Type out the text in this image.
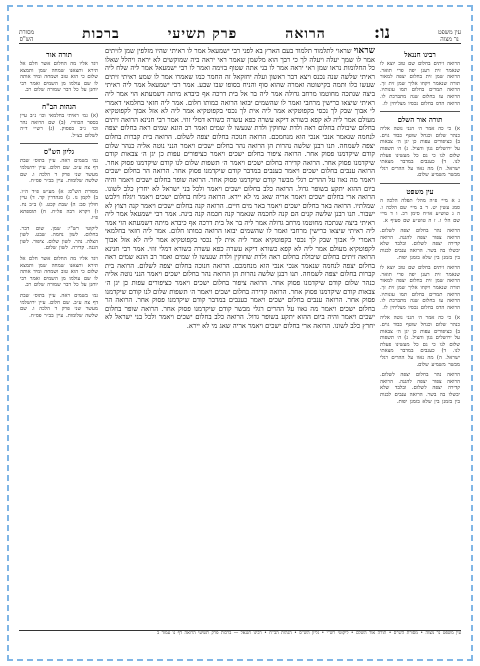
מסורת
הש"ס	ברכות	פרק תשיעי	הרואה	נו:	עין משפט
נר מצוה
רבינו חננאל
הרואה זיתים בחלום שם טוב יוצא לו שנאמר זית רענן יפה פרי תואר. הרואה שמן זית בחלום יצפה למאור תורה שנאמר ויקחו אליך שמן זית זך. הרואה תמרים בחלום תמו עונותיו. הרואה עז בחלום שנה מתברכת לו. הרואה הדס בחלום נכסיו מצליחין לו.
תורה אור השלם
א) כי כה אמר ה׳ הנני נוטה אליה כנהר שלום וכנחל שוטף כבוד גוים. ב) כציפורים עפות כן יגן ה׳ צבאות על ירושלים גנון והציל. ג) ה׳ תשפות שלום לנו כי גם כל מעשינו פעלת לנו. ד) כענבים במדבר מצאתי ישראל. ה) מה נאוו על ההרים רגלי מבשר משמיע שלום.
עין משפט
ג א מיי׳ פ״ה מהל׳ תפלה הלכה ה סמג עשין יט. ד ב מיי׳ שם הלכה ו. ה ג טוש״ע או״ח סימן רכ. ו ד מיי׳ שם הל׳ ז. ז ה טוש״ע שם סעיף א.
הרואה נהר בחלום יצפה לשלום. הרואה צפור יצפה להגנה. הרואה קדירה יצפה לשלום. ובלבד שלא יבשלו בה בשר. הרואה ענבים לבנות בין בזמנן בין שלא בזמנן יפות.
הרואה זיתים בחלום שם טוב יוצא לו שנאמר זית רענן יפה פרי תואר. הרואה שמן זית בחלום יצפה למאור תורה שנאמר ויקחו אליך שמן זית זך. הרואה תמרים בחלום תמו עונותיו. הרואה עז בחלום שנה מתברכת לו. הרואה הדס בחלום נכסיו מצליחין לו.
א) כי כה אמר ה׳ הנני נוטה אליה כנהר שלום וכנחל שוטף כבוד גוים. ב) כציפורים עפות כן יגן ה׳ צבאות על ירושלים גנון והציל. ג) ה׳ תשפות שלום לנו כי גם כל מעשינו פעלת לנו. ד) כענבים במדבר מצאתי ישראל. ה) מה נאוו על ההרים רגלי מבשר משמיע שלום.
הרואה נהר בחלום יצפה לשלום. הרואה צפור יצפה להגנה. הרואה קדירה יצפה לשלום. ובלבד שלא יבשלו בה בשר. הרואה ענבים לבנות בין בזמנן בין שלא בזמנן יפות.
שראוי שראוי לתלמוד תלמוד בעם הארץ בא לפני רבי ישמעאל אמר לו ראיתי שהיו מזלפין שמן לזיתים אמר לו שמך יעלה ויעלה לך כי רבך הוא מלשמן שאמר ראי יראה ביה שמוקשים לא יראה ויהלל שאלו כל החלומות נראו שמן ראי יראה אמר לו בני אתה שטוף בזימה ואמר לו רבי ישמעאל אמר ליה שלח ליה ראיתי שלשה שנה נכנס ויצא דבר ראשון ועלה יחזקאל זה החמר כמו שאמרו אמר לו שמע ראיתי זיתים שעשו כלו ותמה בקישוטה ואמרה שהוא סוף והניח בסופו שבו שבע. אמר רבי ישמעאל אמר ליה ראיתי ביצה שנתכה מחוטמו מרחב גדולה אמר ליה בר אל בית דרכה אף כיבדא מיתה דשמעתא הוי אמר ליה ראיתי שיצאו כרישין מרחבי ואמר לו שהשמים יבואו הרואה כמותו חלום. אמר ליה חזאי בחלמאי דאמרי לי אבוך שבק לך נכסי בקפוטקיא אמר ליה אית לך נכסי בקפוטקיא אמר ליה לא אזל אבוך לקפוטקיא מעולם אמר ליה לא קפא כשורא דיקא עשרה כפא עשרה כשורא דמלי זוזי. אמר רבי חנינא הרואה זיתים בחלום שיבולת בחלום ראה ולדת שחוקין ולדת שנעשו לו שמים ואמר רב הונא שמים ראה בחלום יצפה לנחמה שנאמר אנכי אנכי הוא מנחמכם. הרואה חנוכה בחלום יצפה לשלום. הרואה בית קברות בחלום יצפה לשמחה. תנו רבנן שלשה נהרות הן הרואה נהר בחלום ישכים ויאמר הנני נוטה אליה כנהר שלום קודם שיקדמנו פסוק אחר. הרואה ציפור בחלום ישכים ויאמר כציפורים עפות כן יגן ה׳ צבאות קודם שיקדמנו פסוק אחר. הרואה קדירה בחלום ישכים ויאמר ה׳ תשפות שלום לנו קודם שיקדמנו פסוק אחר. הרואה ענבים בחלום ישכים ויאמר כענבים במדבר קודם שיקדמנו פסוק אחר. הרואה הר בחלום ישכים ויאמר מה נאוו על ההרים רגלי מבשר קודם שיקדמנו פסוק אחר. הרואה שופר בחלום ישכים ויאמר והיה ביום ההוא יתקע בשופר גדול. הרואה כלב בחלום ישכים ויאמר ולכל בני ישראל לא יחרץ כלב לשונו. הרואה ארי בחלום ישכים ויאמר אריה שאג מי לא יירא. הרואה גילוח בחלום ישכים ויאמר ויגלח וילבש שמלתיו. הרואה באר בחלום ישכים ויאמר באר מים חיים. הרואה קנה בחלום ישכים ויאמר קנה רצוץ לא ישבור. תנו רבנן שלשה קנים הם קנה לחכמה שנאמר קנה חכמה קנה בינה. אמר רבי ישמעאל אמר ליה ראיתי ביצה שנתכה מחוטמו מרחב גדולה אמר ליה בר אל בית דרכה אף כיבדא מיתה דשמעתא הוי אמר ליה ראיתי שיצאו כרישין מרחבי ואמר לו שהשמים יבואו הרואה כמותו חלום. אמר ליה חזאי בחלמאי דאמרי לי אבוך שבק לך נכסי בקפוטקיא אמר ליה אית לך נכסי בקפוטקיא אמר ליה לא אזל אבוך לקפוטקיא מעולם אמר ליה לא קפא כשורא דיקא עשרה כפא עשרה כשורא דמלי זוזי. אמר רבי חנינא הרואה זיתים בחלום שיבולת בחלום ראה ולדת שחוקין ולדת שנעשו לו שמים ואמר רב הונא שמים ראה בחלום יצפה לנחמה שנאמר אנכי אנכי הוא מנחמכם. הרואה חנוכה בחלום יצפה לשלום. הרואה בית קברות בחלום יצפה לשמחה. תנו רבנן שלשה נהרות הן הרואה נהר בחלום ישכים ויאמר הנני נוטה אליה כנהר שלום קודם שיקדמנו פסוק אחר. הרואה ציפור בחלום ישכים ויאמר כציפורים עפות כן יגן ה׳ צבאות קודם שיקדמנו פסוק אחר. הרואה קדירה בחלום ישכים ויאמר ה׳ תשפות שלום לנו קודם שיקדמנו פסוק אחר. הרואה ענבים בחלום ישכים ויאמר כענבים במדבר קודם שיקדמנו פסוק אחר. הרואה הר בחלום ישכים ויאמר מה נאוו על ההרים רגלי מבשר קודם שיקדמנו פסוק אחר. הרואה שופר בחלום ישכים ויאמר והיה ביום ההוא יתקע בשופר גדול. הרואה כלב בחלום ישכים ויאמר ולכל בני ישראל לא יחרץ כלב לשונו. הרואה ארי בחלום ישכים ויאמר אריה שאג מי לא יירא.
תורה אור
ויגד אליו מה החלום אשר חלם אל תירא ותצאנו שמחה שמן ותמצא שלום כי הוא טוב ושמחה ומיד אותה לו שם עולמו מן השמים ואמר רבי יוחנן על כל דבר שמורה שלום רב.
הגהות הב"ח
(א) גמ׳ ראיתי בחלמאי וכו׳ נ״ב עיין בספר הכוזרי. (ב) שם הרואה נהר וכו׳ נ״ב בפסוק. (ג) רש״י ד״ה לשלום כצ״ל.
גליון הש"ס
גמ׳ בשמים ראה. עיין בתוס׳ שבת דף צה ע״ב. שם חלום. עיין ירושלמי מעשר שני פרק ד הלכה ו. שם שלשה שלומות. עיין בב״ר פס״ח.
מסורת הש"ס: א) מע״ש פ״ד ה״ו. ב) לקמן נז. ג) סנהדרין קד. ד) עיין חולין סב: ה) שבת קכט. ו) ב״ב נח. ז) ויקרא רבה פל״ח. ח) תוספתא פ״ו.
ליקוטי רש"י: שמן. שום דבר. בחלום. לשון נחמה. שבט. לשון הצלה. נהר. לשון שלום. ציפור. לשון הגנה. קדירה. לשון שלום.
ויגד אליו מה החלום אשר חלם אל תירא ותצאנו שמחה שמן ותמצא שלום כי הוא טוב ושמחה ומיד אותה לו שם עולמו מן השמים ואמר רבי יוחנן על כל דבר שמורה שלום רב.
גמ׳ בשמים ראה. עיין בתוס׳ שבת דף צה ע״ב. שם חלום. עיין ירושלמי מעשר שני פרק ד הלכה ו. שם שלשה שלומות. עיין בב״ר פס״ח.
עין משפט נר מצוה • מסורת הש"ס • תורה אור השלם • ליקוטי רש"י • גליון הש"ס • הגהות הב"ח • רבינו חננאל — ברכות פרק תשיעי הרואה דף נו עמוד ב
